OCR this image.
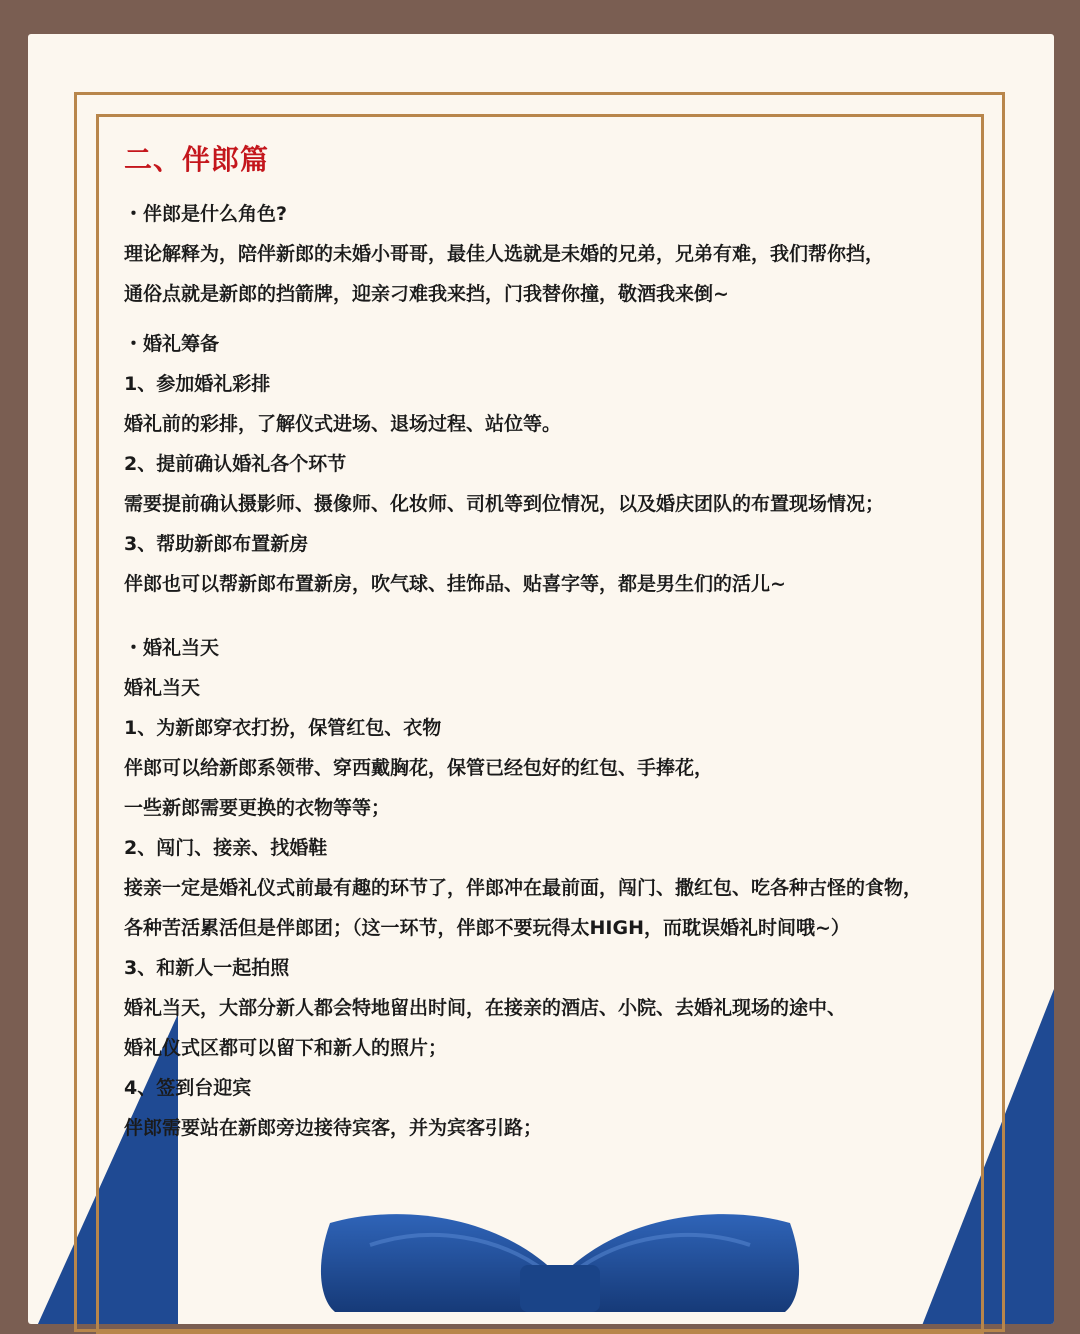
二、伴郎篇
・伴郎是什么角色?
理论解释为，陪伴新郎的未婚小哥哥，最佳人选就是未婚的兄弟，兄弟有难，我们帮你挡，
通俗点就是新郎的挡箭牌，迎亲刁难我来挡，门我替你撞，敬酒我来倒~
・婚礼筹备
1、参加婚礼彩排
婚礼前的彩排，了解仪式进场、退场过程、站位等。
2、提前确认婚礼各个环节
需要提前确认摄影师、摄像师、化妆师、司机等到位情况，以及婚庆团队的布置现场情况；
3、帮助新郎布置新房
伴郎也可以帮新郎布置新房，吹气球、挂饰品、贴喜字等，都是男生们的活儿~
・婚礼当天
婚礼当天
1、为新郎穿衣打扮，保管红包、衣物
伴郎可以给新郎系领带、穿西戴胸花，保管已经包好的红包、手捧花，
一些新郎需要更换的衣物等等；
2、闯门、接亲、找婚鞋
接亲一定是婚礼仪式前最有趣的环节了，伴郎冲在最前面，闯门、撒红包、吃各种古怪的食物，
各种苦活累活但是伴郎团；（这一环节，伴郎不要玩得太HIGH，而耽误婚礼时间哦~）
3、和新人一起拍照
婚礼当天，大部分新人都会特地留出时间，在接亲的酒店、小院、去婚礼现场的途中、
婚礼仪式区都可以留下和新人的照片；
4、签到台迎宾
伴郎需要站在新郎旁边接待宾客，并为宾客引路；
